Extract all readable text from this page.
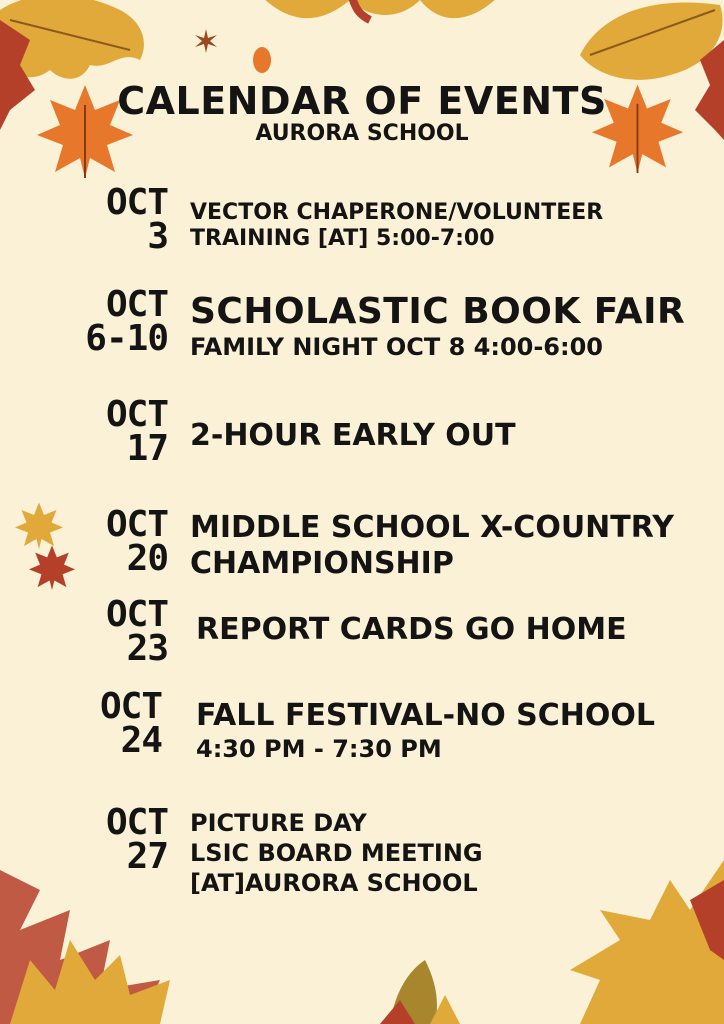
CALENDAR OF EVENTS
AURORA SCHOOL
OCT
3
VECTOR CHAPERONE/VOLUNTEER
TRAINING [AT] 5:00-7:00
OCT
6-10
SCHOLASTIC BOOK FAIR
FAMILY NIGHT OCT 8 4:00-6:00
OCT
17 2-HOUR EARLY OUT
OCT
20
MIDDLE SCHOOL X-COUNTRY
CHAMPIONSHIP
OCT
23 REPORT CARDS GO HOME
OCT
24
FALL FESTIVAL-NO SCHOOL
4:30 PM - 7:30 PM
OCT
27
PICTURE DAY
LSIC BOARD MEETING
[AT]AURORA SCHOOL
